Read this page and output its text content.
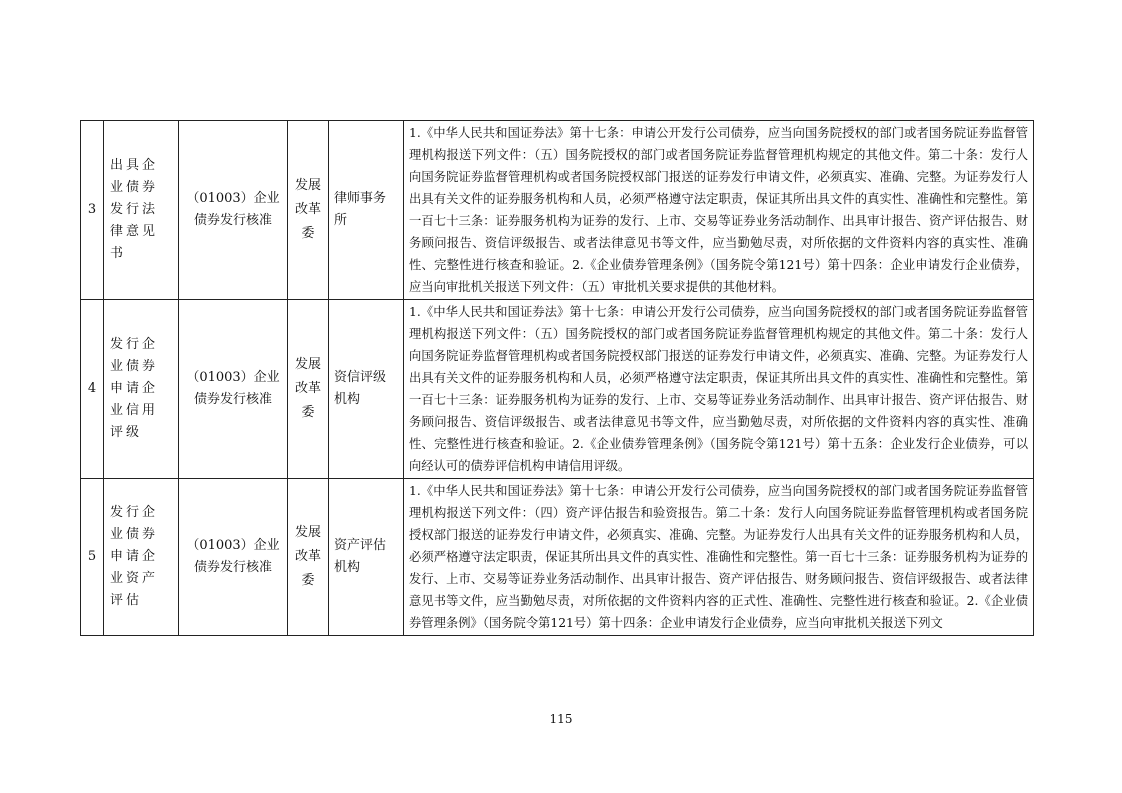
3	出具企业债券发行法律意见书	（01003）企业债券发行核准	发展改革委	律师事务所	1.《中华人民共和国证券法》第十七条：申请公开发行公司债券，应当向国务院授权的部门或者国务院证券监督管理机构报送下列文件：（五）国务院授权的部门或者国务院证券监督管理机构规定的其他文件。第二十条：发行人向国务院证券监督管理机构或者国务院授权部门报送的证券发行申请文件，必须真实、准确、完整。为证券发行人出具有关文件的证券服务机构和人员，必须严格遵守法定职责，保证其所出具文件的真实性、准确性和完整性。第一百七十三条：证券服务机构为证券的发行、上市、交易等证券业务活动制作、出具审计报告、资产评估报告、财务顾问报告、资信评级报告、或者法律意见书等文件，应当勤勉尽责，对所依据的文件资料内容的真实性、准确性、完整性进行核查和验证。2.《企业债券管理条例》（国务院令第121号）第十四条：企业申请发行企业债券，应当向审批机关报送下列文件：（五）审批机关要求提供的其他材料。
4	发行企业债券申请企业信用评级	（01003）企业债券发行核准	发展改革委	资信评级机构	1.《中华人民共和国证券法》第十七条：申请公开发行公司债券，应当向国务院授权的部门或者国务院证券监督管理机构报送下列文件：（五）国务院授权的部门或者国务院证券监督管理机构规定的其他文件。第二十条：发行人向国务院证券监督管理机构或者国务院授权部门报送的证券发行申请文件，必须真实、准确、完整。为证券发行人出具有关文件的证券服务机构和人员，必须严格遵守法定职责，保证其所出具文件的真实性、准确性和完整性。第一百七十三条：证券服务机构为证券的发行、上市、交易等证券业务活动制作、出具审计报告、资产评估报告、财务顾问报告、资信评级报告、或者法律意见书等文件，应当勤勉尽责，对所依据的文件资料内容的真实性、准确性、完整性进行核查和验证。2.《企业债券管理条例》（国务院令第121号）第十五条：企业发行企业债券，可以向经认可的债券评信机构申请信用评级。
5	发行企业债券申请企业资产评估	（01003）企业债券发行核准	发展改革委	资产评估机构	1.《中华人民共和国证券法》第十七条：申请公开发行公司债券，应当向国务院授权的部门或者国务院证券监督管理机构报送下列文件：（四）资产评估报告和验资报告。第二十条：发行人向国务院证券监督管理机构或者国务院授权部门报送的证券发行申请文件，必须真实、准确、完整。为证券发行人出具有关文件的证券服务机构和人员，必须严格遵守法定职责，保证其所出具文件的真实性、准确性和完整性。第一百七十三条：证券服务机构为证券的发行、上市、交易等证券业务活动制作、出具审计报告、资产评估报告、财务顾问报告、资信评级报告、或者法律意见书等文件，应当勤勉尽责，对所依据的文件资料内容的正式性、准确性、完整性进行核查和验证。2.《企业债券管理条例》（国务院令第121号）第十四条：企业申请发行企业债券，应当向审批机关报送下列文
115
